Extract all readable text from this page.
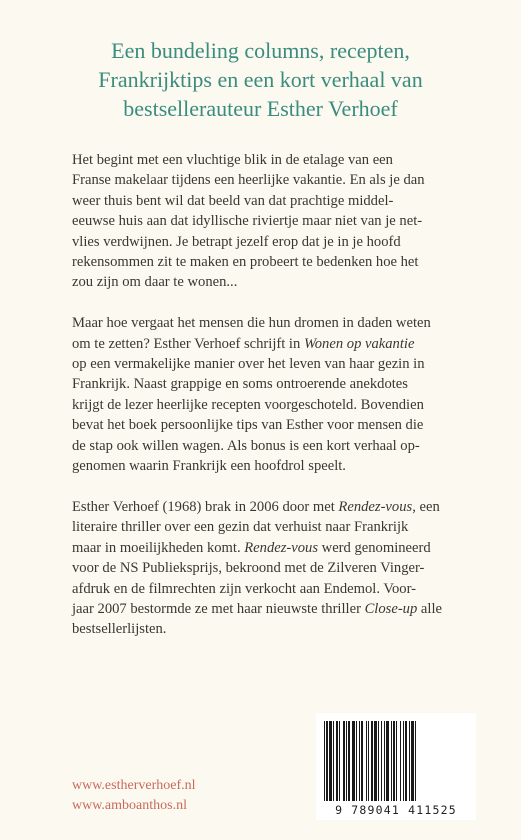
Een bundeling columns, recepten,
Frankrijktips en een kort verhaal van
bestsellerauteur Esther Verhoef

Het begint met een vluchtige blik in de etalage van een
Franse makelaar tijdens een heerlijke vakantie. En als je dan
weer thuis bent wil dat beeld van dat prachtige middel-
eeuwse huis aan dat idyllische riviertje maar niet van je net-
vlies verdwijnen. Je betrapt jezelf erop dat je in je hoofd
rekensommen zit te maken en probeert te bedenken hoe het
zou zijn om daar te wonen...

Maar hoe vergaat het mensen die hun dromen in daden weten
om te zetten? Esther Verhoef schrijft in Wonen op vakantie
op een vermakelijke manier over het leven van haar gezin in
Frankrijk. Naast grappige en soms ontroerende anekdotes
krijgt de lezer heerlijke recepten voorgeschoteld. Bovendien
bevat het boek persoonlijke tips van Esther voor mensen die
de stap ook willen wagen. Als bonus is een kort verhaal op-
genomen waarin Frankrijk een hoofdrol speelt.

Esther Verhoef (1968) brak in 2006 door met Rendez-vous, een
literaire thriller over een gezin dat verhuist naar Frankrijk
maar in moeilijkheden komt. Rendez-vous werd genomineerd
voor de NS Publieksprijs, bekroond met de Zilveren Vinger-
afdruk en de filmrechten zijn verkocht aan Endemol. Voor-
jaar 2007 bestormde ze met haar nieuwste thriller Close-up alle
bestsellerlijsten.

www.estherverhoef.nl
www.amboanthos.nl	9 789041 411525
